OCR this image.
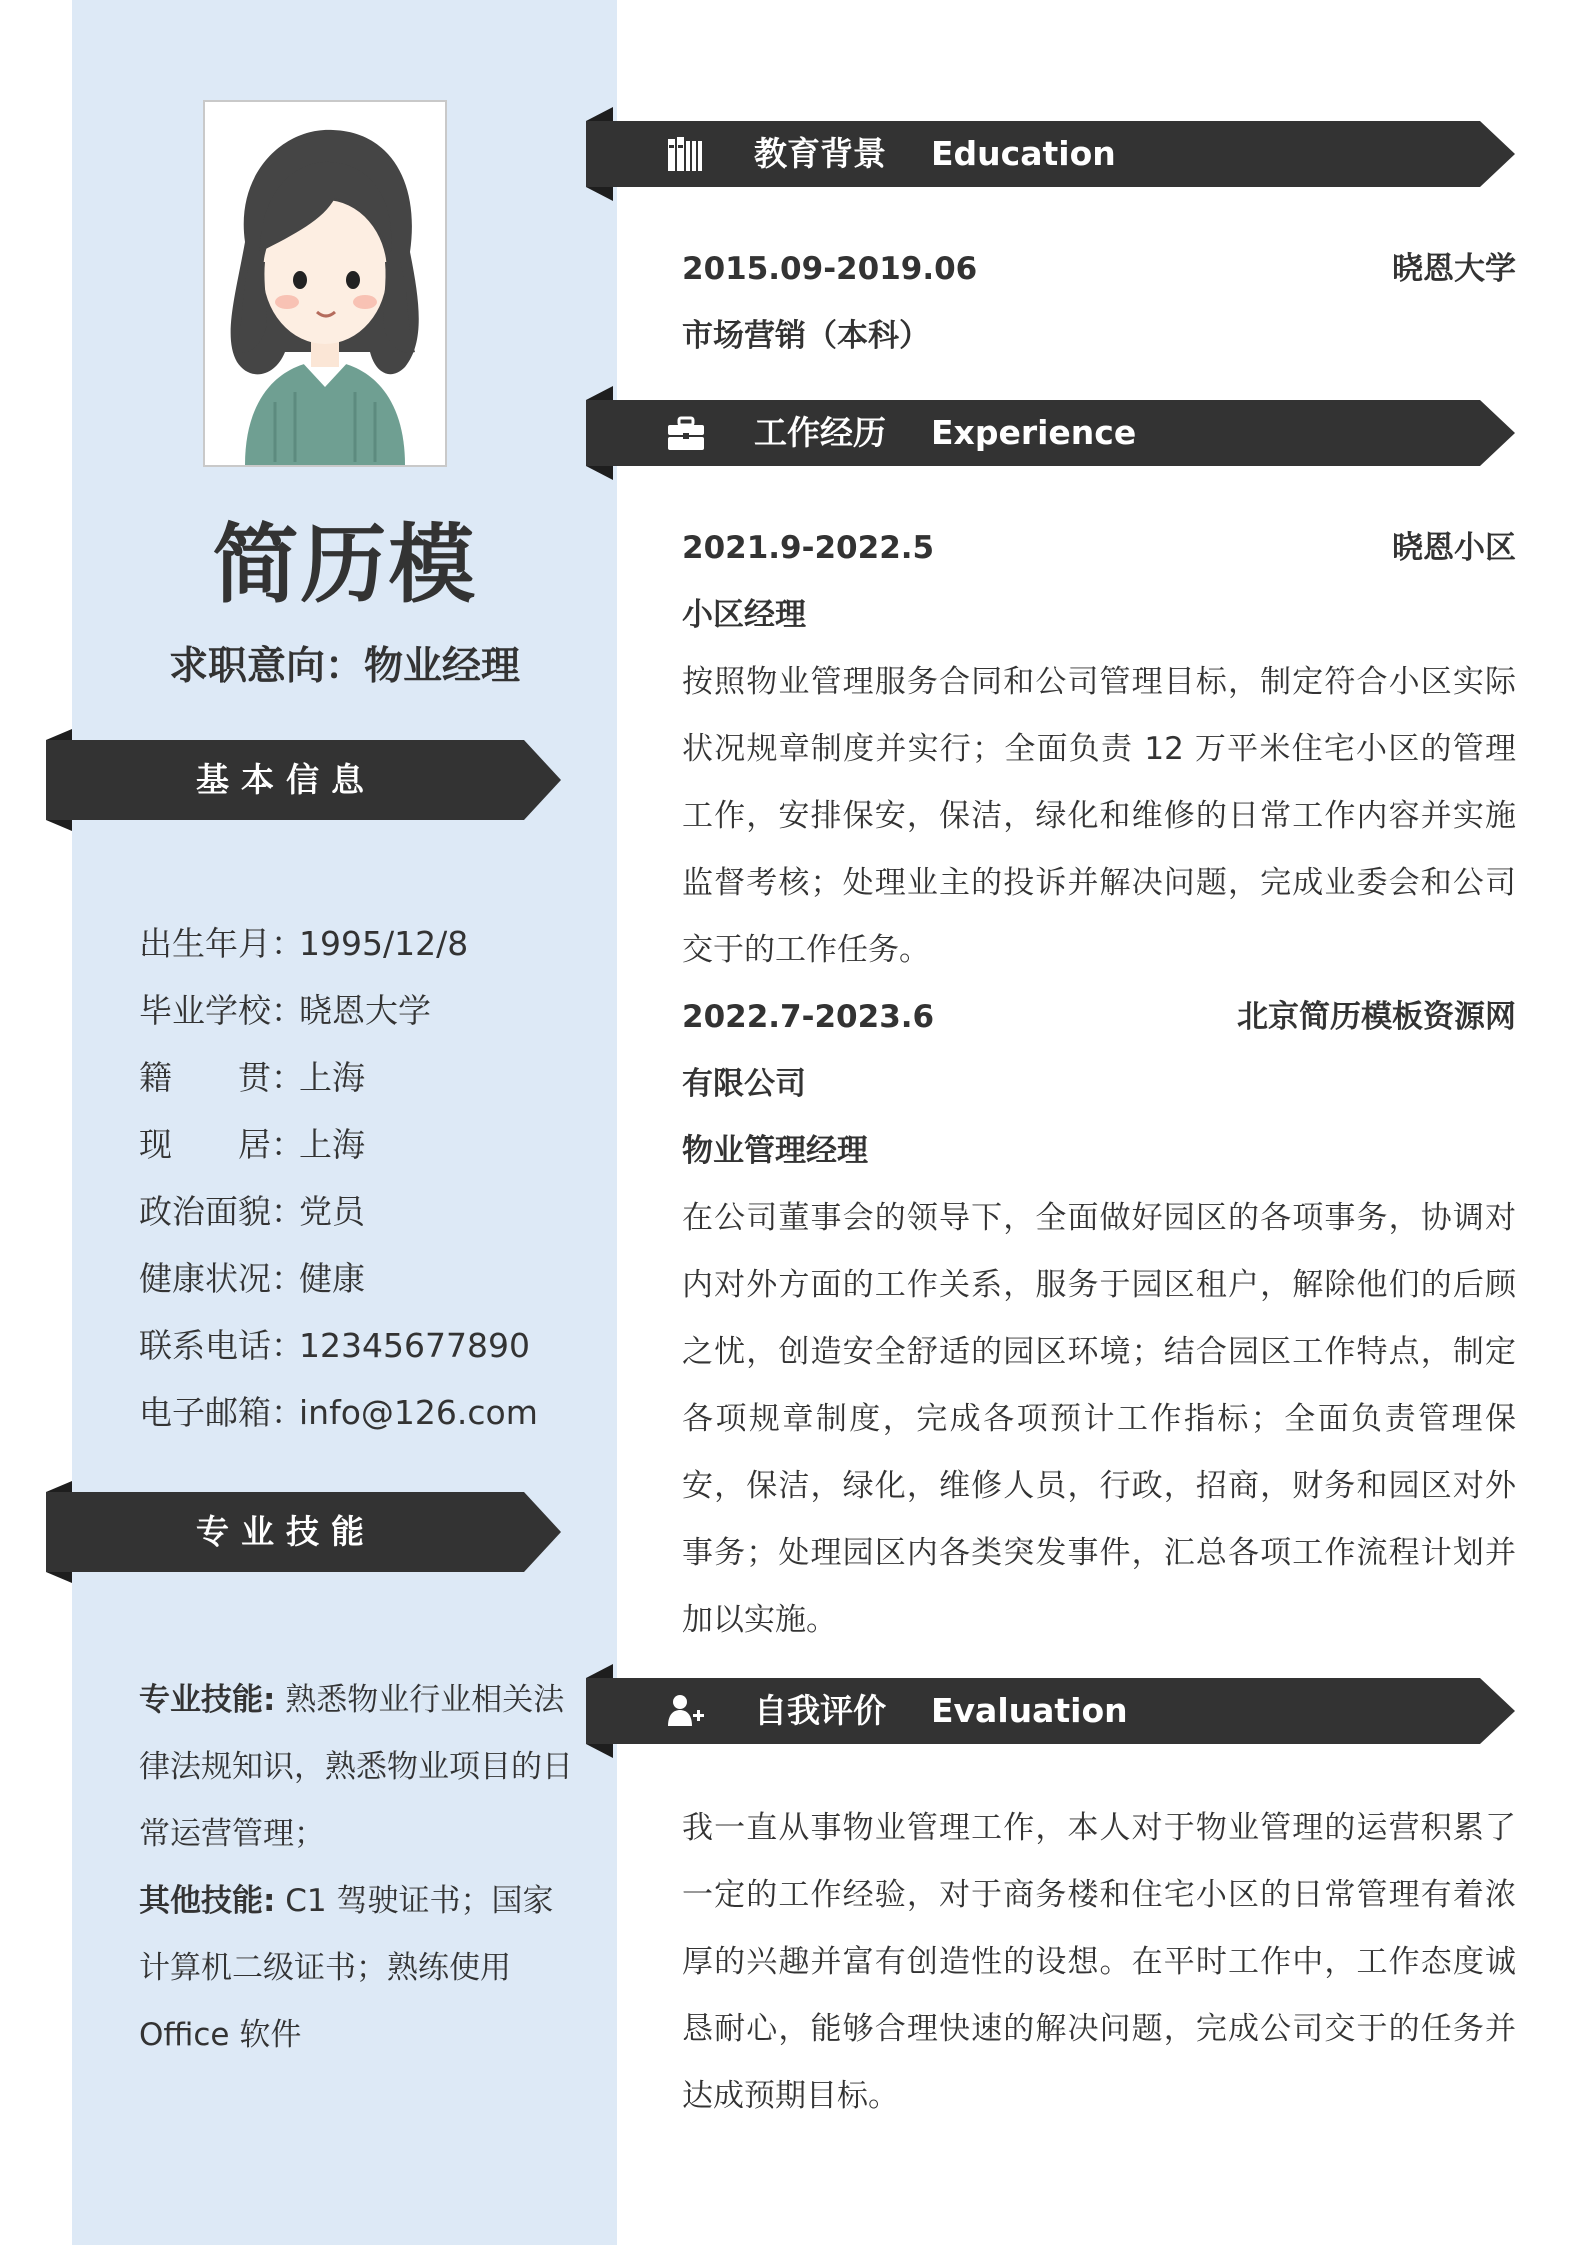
简历模
求职意向：物业经理
基本信息
出生年月：1995/12/8
毕业学校：晓恩大学
籍　　贯：上海
现　　居：上海
政治面貌：党员
健康状况：健康
联系电话：12345677890
电子邮箱：info@126.com
专业技能

专业技能: 熟悉物业行业相关法律法规知识，熟悉物业项目的日常运营管理；

其他技能: C1 驾驶证书；国家计算机二级证书；熟练使用 Office 软件

教育背景 Education
2015.09-2019.06	晓恩大学
市场营销（本科）
工作经历 Experience
2021.9-2022.5	晓恩小区
小区经理

按照物业管理服务合同和公司管理目标，制定符合小区实际状况规章制度并实行；全面负责 12 万平米住宅小区的管理工作，安排保安，保洁，绿化和维修的日常工作内容并实施监督考核；处理业主的投诉并解决问题，完成业委会和公司交于的工作任务。

2022.7-2023.6	北京简历模板资源网
有限公司
物业管理经理

在公司董事会的领导下，全面做好园区的各项事务，协调对内对外方面的工作关系，服务于园区租户，解除他们的后顾之忧，创造安全舒适的园区环境；结合园区工作特点，制定各项规章制度，完成各项预计工作指标；全面负责管理保安，保洁，绿化，维修人员，行政，招商，财务和园区对外事务；处理园区内各类突发事件，汇总各项工作流程计划并加以实施。

自我评价 Evaluation

我一直从事物业管理工作，本人对于物业管理的运营积累了一定的工作经验，对于商务楼和住宅小区的日常管理有着浓厚的兴趣并富有创造性的设想。在平时工作中，工作态度诚恳耐心，能够合理快速的解决问题，完成公司交于的任务并达成预期目标。
